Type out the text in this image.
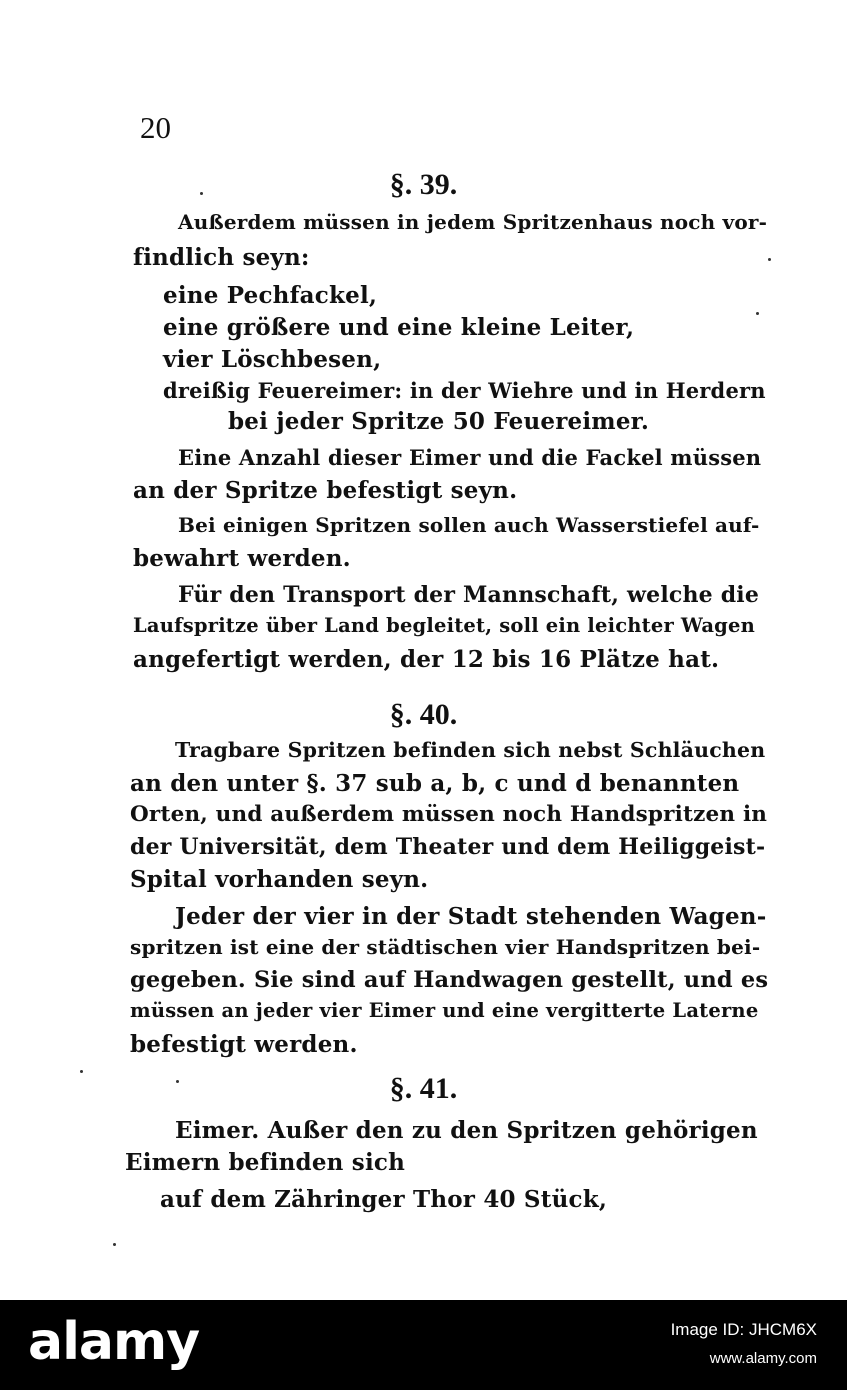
20
§. 39.
Außerdem müssen in jedem Spritzenhaus noch vor-
findlich seyn:
eine Pechfackel,
eine größere und eine kleine Leiter,
vier Löschbesen,
dreißig Feuereimer: in der Wiehre und in Herdern
bei jeder Spritze 50 Feuereimer.
Eine Anzahl dieser Eimer und die Fackel müssen
an der Spritze befestigt seyn.
Bei einigen Spritzen sollen auch Wasserstiefel auf-
bewahrt werden.
Für den Transport der Mannschaft, welche die
Laufspritze über Land begleitet, soll ein leichter Wagen
angefertigt werden, der 12 bis 16 Plätze hat.
§. 40.
Tragbare Spritzen befinden sich nebst Schläuchen
an den unter §. 37 sub a, b, c und d benannten
Orten, und außerdem müssen noch Handspritzen in
der Universität, dem Theater und dem Heiliggeist-
Spital vorhanden seyn.
Jeder der vier in der Stadt stehenden Wagen-
spritzen ist eine der städtischen vier Handspritzen bei-
gegeben. Sie sind auf Handwagen gestellt, und es
müssen an jeder vier Eimer und eine vergitterte Laterne
befestigt werden.
§. 41.
Eimer. Außer den zu den Spritzen gehörigen
Eimern befinden sich
auf dem Zähringer Thor 40 Stück,
alamy	Image ID: JHCM6X
www.alamy.com
